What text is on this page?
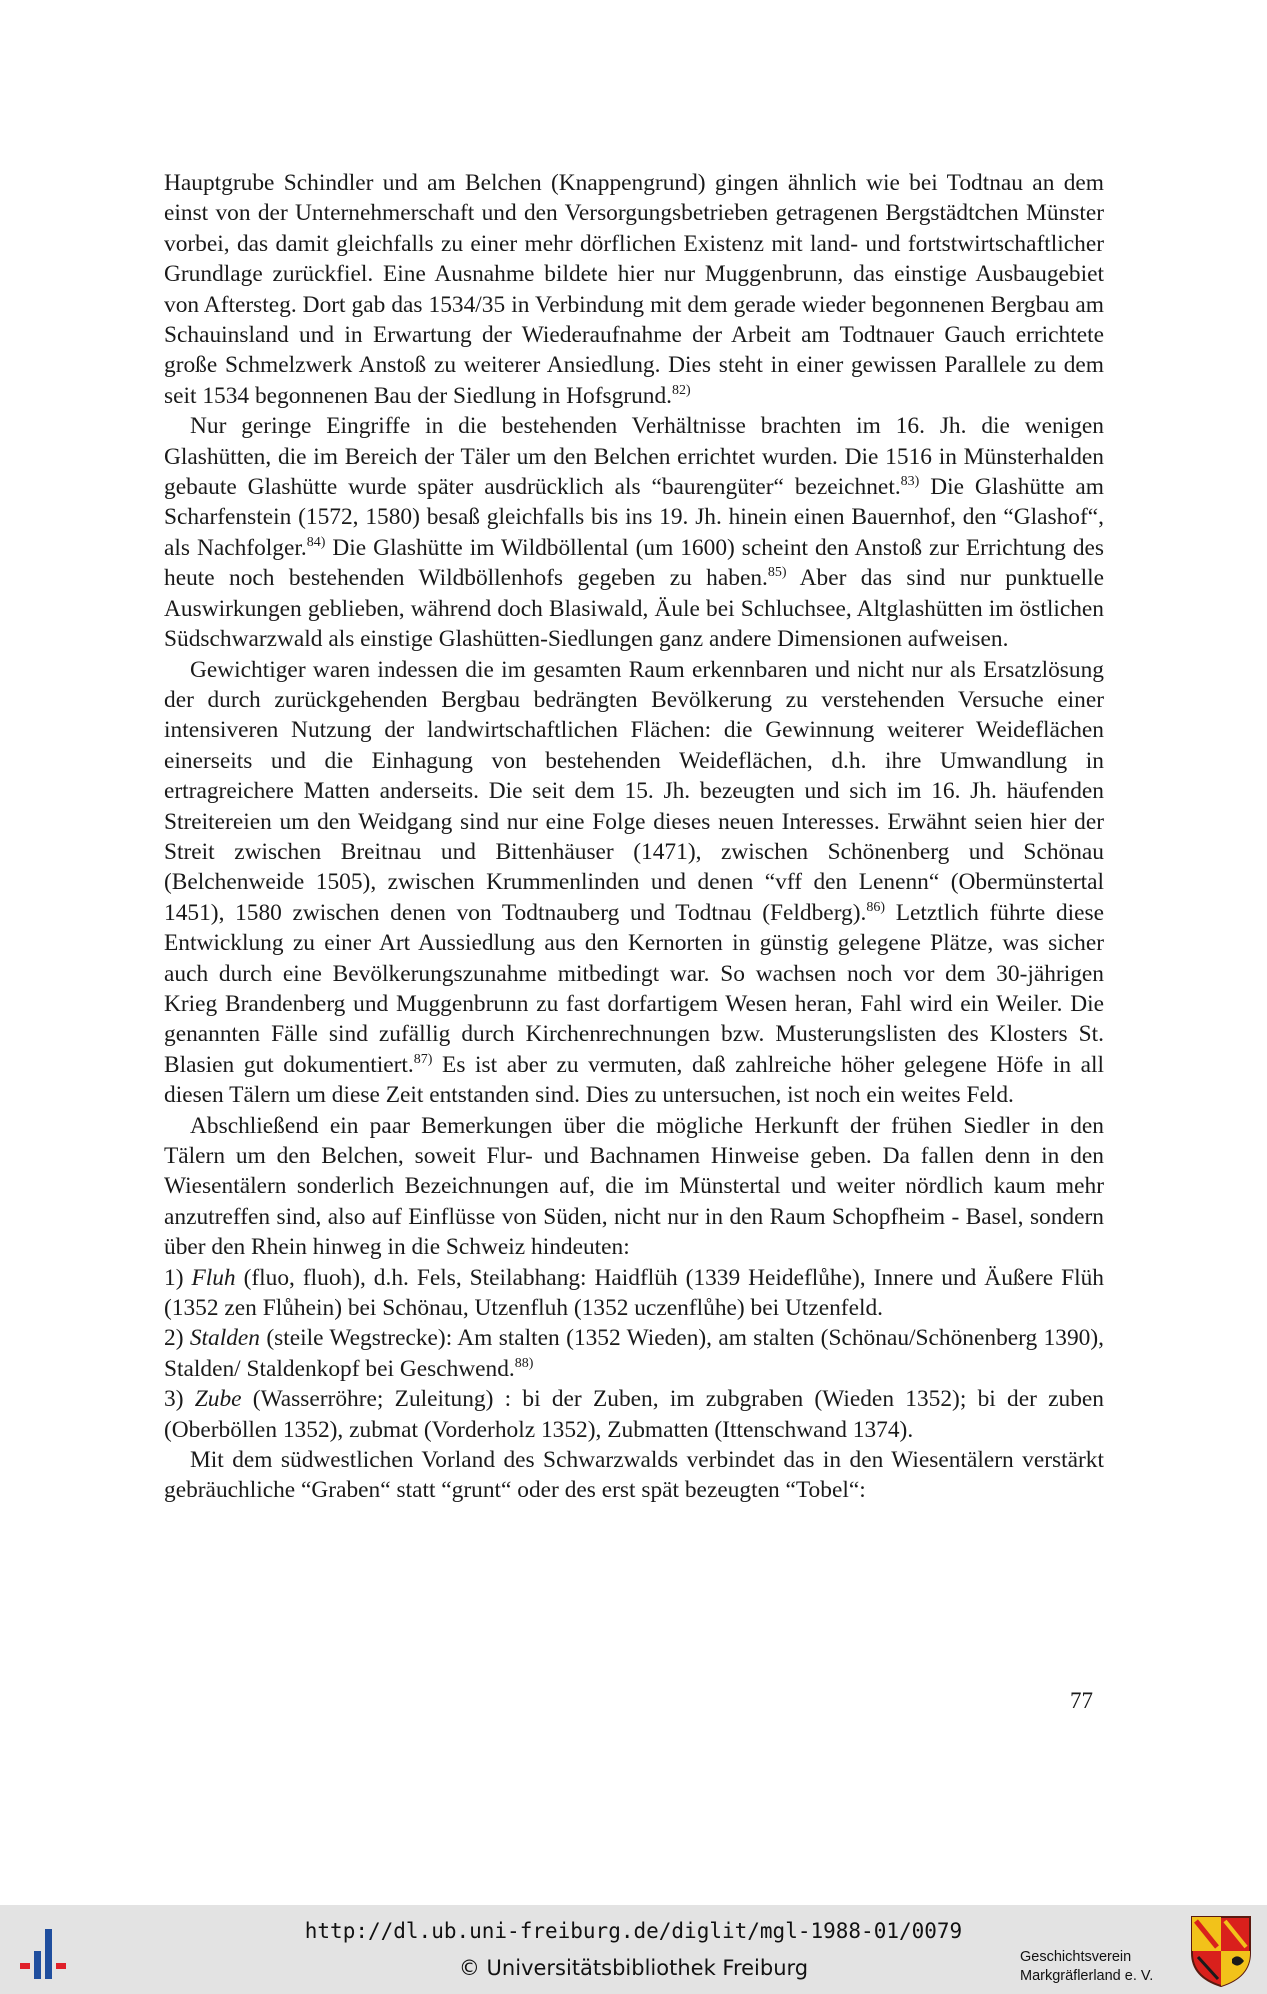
Hauptgrube Schindler und am Belchen (Knappengrund) gingen ähnlich wie bei Todtnau an dem einst von der Unternehmerschaft und den Versorgungsbetrieben getragenen Bergstädtchen Münster vorbei, das damit gleichfalls zu einer mehr dörflichen Existenz mit land- und fortstwirtschaftlicher Grundlage zurückfiel. Eine Ausnahme bildete hier nur Muggenbrunn, das einstige Ausbaugebiet von Aftersteg. Dort gab das 1534/35 in Verbindung mit dem gerade wieder begonnenen Bergbau am Schauinsland und in Erwartung der Wiederaufnahme der Arbeit am Todtnauer Gauch errichtete große Schmelzwerk Anstoß zu weiterer Ansiedlung. Dies steht in einer gewissen Parallele zu dem seit 1534 begonnenen Bau der Siedlung in Hofsgrund.$^{82)}$

Nur geringe Eingriffe in die bestehenden Verhältnisse brachten im 16. Jh. die wenigen Glashütten, die im Bereich der Täler um den Belchen errichtet wurden. Die 1516 in Münsterhalden gebaute Glashütte wurde später ausdrücklich als “baurengüter“ bezeichnet.$^{83)}$ Die Glashütte am Scharfenstein (1572, 1580) besaß gleichfalls bis ins 19. Jh. hinein einen Bauernhof, den “Glashof“, als Nachfolger.$^{84)}$ Die Glashütte im Wildböllental (um 1600) scheint den Anstoß zur Errichtung des heute noch bestehenden Wildböllenhofs gegeben zu haben.$^{85)}$ Aber das sind nur punktuelle Auswirkungen geblieben, während doch Blasiwald, Äule bei Schluchsee, Altglashütten im östlichen Südschwarzwald als einstige Glashütten-Siedlungen ganz andere Dimensionen aufweisen.

Gewichtiger waren indessen die im gesamten Raum erkennbaren und nicht nur als Ersatzlösung der durch zurückgehenden Bergbau bedrängten Bevölkerung zu verstehenden Versuche einer intensiveren Nutzung der landwirtschaftlichen Flächen: die Gewinnung weiterer Weideflächen einerseits und die Einhagung von bestehenden Weideflächen, d.h. ihre Umwandlung in ertragreichere Matten anderseits. Die seit dem 15. Jh. bezeugten und sich im 16. Jh. häufenden Streitereien um den Weidgang sind nur eine Folge dieses neuen Interesses. Erwähnt seien hier der Streit zwischen Breitnau und Bittenhäuser (1471), zwischen Schönenberg und Schönau (Belchenweide 1505), zwischen Krummenlinden und denen “vff den Lenenn“ (Obermünstertal 1451), 1580 zwischen denen von Todtnauberg und Todtnau (Feldberg).$^{86)}$ Letztlich führte diese Entwicklung zu einer Art Aussiedlung aus den Kernorten in günstig gelegene Plätze, was sicher auch durch eine Bevölkerungszunahme mitbedingt war. So wachsen noch vor dem 30-jährigen Krieg Brandenberg und Muggenbrunn zu fast dorfartigem Wesen heran, Fahl wird ein Weiler. Die genannten Fälle sind zufällig durch Kirchenrechnungen bzw. Musterungslisten des Klosters St. Blasien gut dokumentiert.$^{87)}$ Es ist aber zu vermuten, daß zahlreiche höher gelegene Höfe in all diesen Tälern um diese Zeit entstanden sind. Dies zu untersuchen, ist noch ein weites Feld.

Abschließend ein paar Bemerkungen über die mögliche Herkunft der frühen Siedler in den Tälern um den Belchen, soweit Flur- und Bachnamen Hinweise geben. Da fallen denn in den Wiesentälern sonderlich Bezeichnungen auf, die im Münstertal und weiter nördlich kaum mehr anzutreffen sind, also auf Einflüsse von Süden, nicht nur in den Raum Schopfheim - Basel, sondern über den Rhein hinweg in die Schweiz hindeuten:

1) Fluh (fluo, fluoh), d.h. Fels, Steilabhang: Haidflüh (1339 Heideflůhe), Innere und Äußere Flüh (1352 zen Flůhein) bei Schönau, Utzenfluh (1352 uczenflůhe) bei Utzenfeld.

2) Stalden (steile Wegstrecke): Am stalten (1352 Wieden), am stalten (Schönau/Schönenberg 1390), Stalden/ Staldenkopf bei Geschwend.$^{88)}$

3) Zube (Wasserröhre; Zuleitung) : bi der Zuben, im zubgraben (Wieden 1352); bi der zuben (Oberböllen 1352), zubmat (Vorderholz 1352), Zubmatten (Ittenschwand 1374).

Mit dem südwestlichen Vorland des Schwarzwalds verbindet das in den Wiesentälern verstärkt gebräuchliche “Graben“ statt “grunt“ oder des erst spät bezeugten “Tobel“:

77
http://dl.ub.uni-freiburg.de/diglit/mgl-1988-01/0079
© Universitätsbibliothek Freiburg	Geschichtsverein
Markgräflerland e. V.
